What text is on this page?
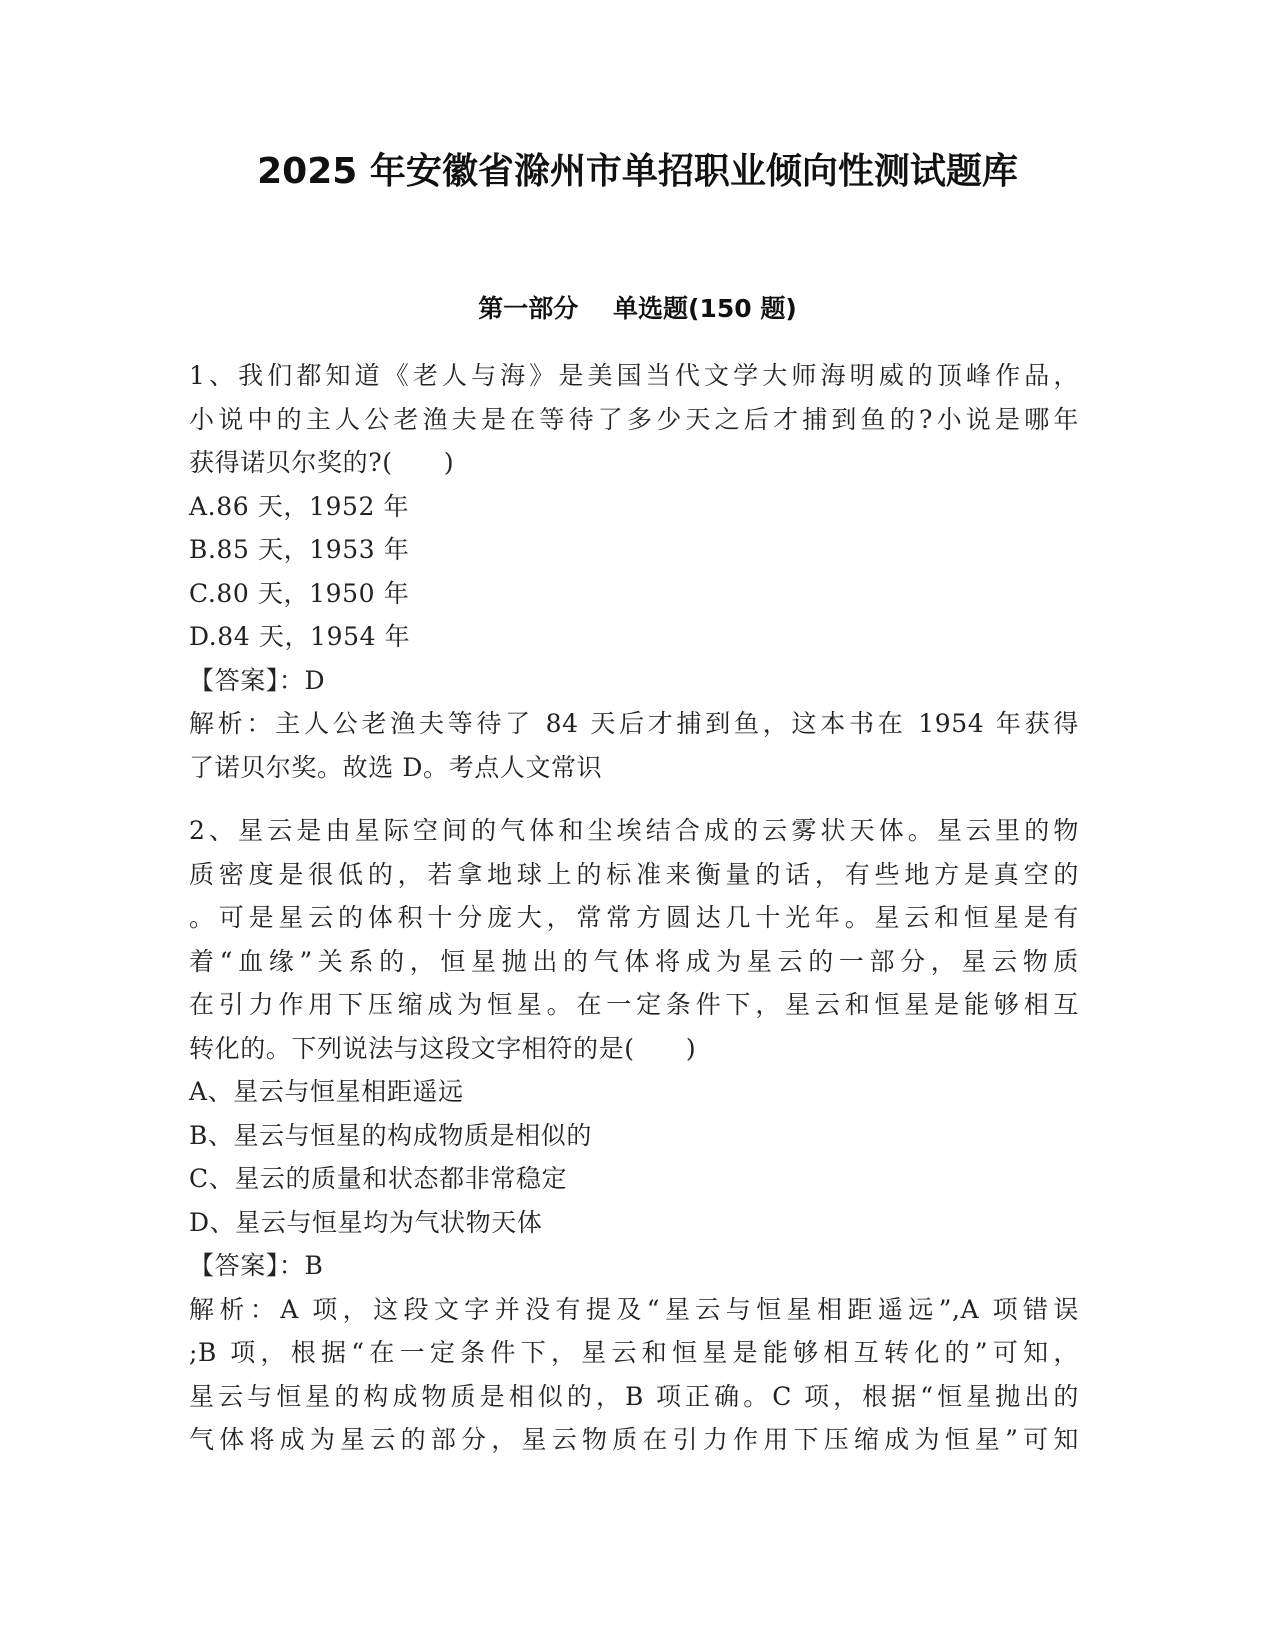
2025 年安徽省滁州市单招职业倾向性测试题库
第一部分    单选题(150 题)
1、我们都知道《老人与海》是美国当代文学大师海明威的顶峰作品，
小说中的主人公老渔夫是在等待了多少天之后才捕到鱼的?小说是哪年
获得诺贝尔奖的?(      )
A.86 天，1952 年
B.85 天，1953 年
C.80 天，1950 年
D.84 天，1954 年
【答案】：D
解析：主人公老渔夫等待了 84 天后才捕到鱼，这本书在 1954 年获得
了诺贝尔奖。故选 D。考点人文常识
2、星云是由星际空间的气体和尘埃结合成的云雾状天体。星云里的物
质密度是很低的，若拿地球上的标准来衡量的话，有些地方是真空的
。可是星云的体积十分庞大，常常方圆达几十光年。星云和恒星是有
着“血缘”关系的，恒星抛出的气体将成为星云的一部分，星云物质
在引力作用下压缩成为恒星。在一定条件下，星云和恒星是能够相互
转化的。下列说法与这段文字相符的是(      )
A、星云与恒星相距遥远
B、星云与恒星的构成物质是相似的
C、星云的质量和状态都非常稳定
D、星云与恒星均为气状物天体
【答案】：B
解析：A 项，这段文字并没有提及“星云与恒星相距遥远”,A 项错误
;B 项，根据“在一定条件下，星云和恒星是能够相互转化的”可知，
星云与恒星的构成物质是相似的，B 项正确。C 项，根据“恒星抛出的
气体将成为星云的部分，星云物质在引力作用下压缩成为恒星”可知
